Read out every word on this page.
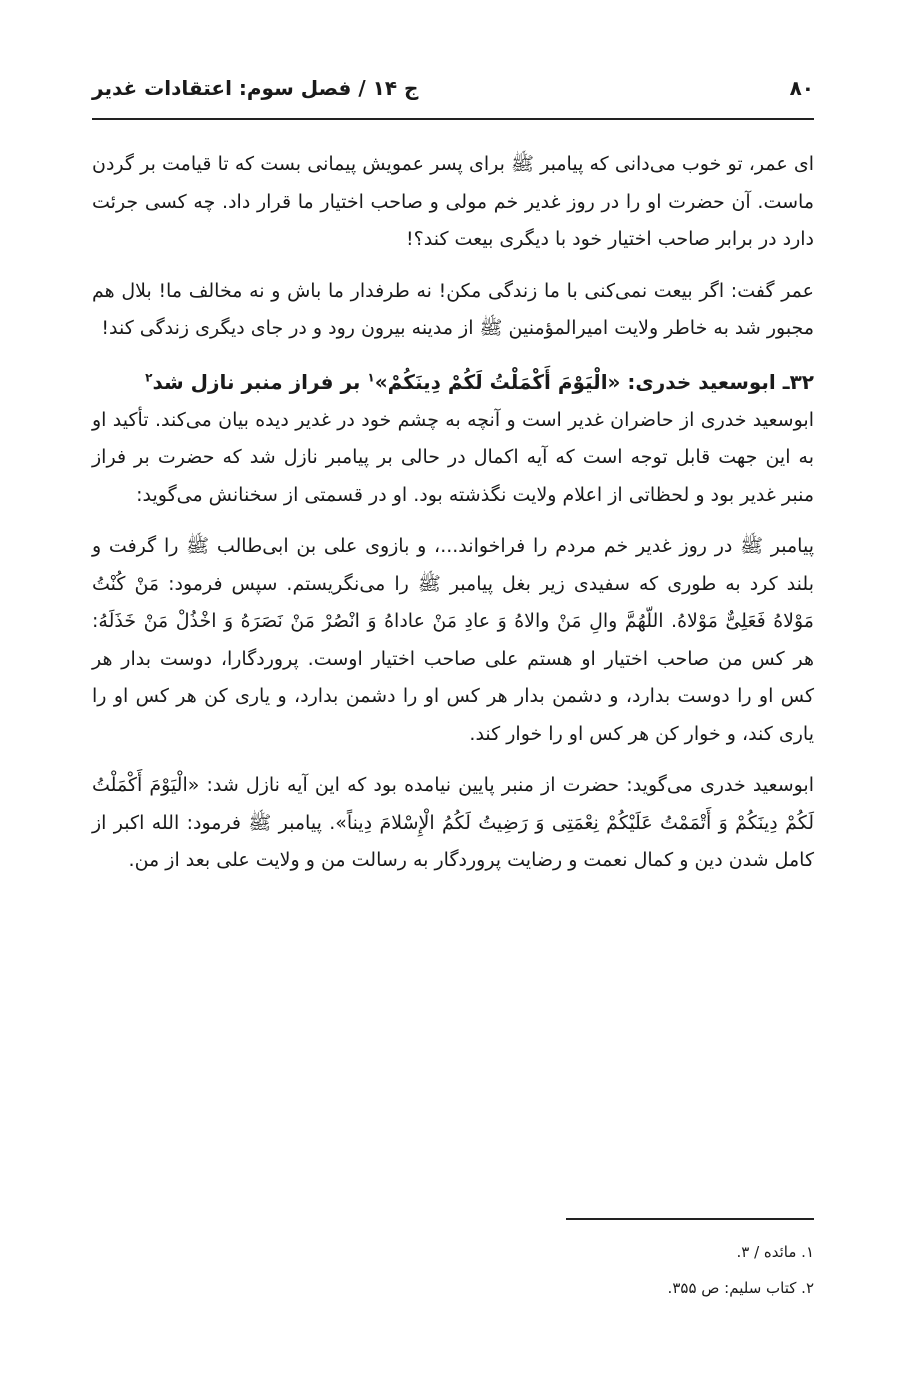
۸۰
ج ۱۴ / فصل سوم: اعتقادات غدیر

ای عمر، تو خوب می‌دانی که پیامبر ﷺ برای پسر عمویش پیمانی بست که تا قیامت بر گردن ماست. آن حضرت او را در روز غدیر خم مولی و صاحب اختیار ما قرار داد. چه کسی جرئت دارد در برابر صاحب اختیار خود با دیگری بیعت کند؟!

عمر گفت: اگر بیعت نمی‌کنی با ما زندگی مکن! نه طرفدار ما باش و نه مخالف ما! بلال هم مجبور شد به خاطر ولایت امیرالمؤمنین ﷺ از مدینه بیرون رود و در جای دیگری زندگی کند!

۳۲ـ ابوسعید خدری: «الْیَوْمَ أَکْمَلْتُ لَکُمْ دِینَکُمْ»$^۱$ بر فراز منبر نازل شد$^۲$

ابوسعید خدری از حاضران غدیر است و آنچه به چشم خود در غدیر دیده بیان می‌کند. تأکید او به این جهت قابل توجه است که آیه اکمال در حالی بر پیامبر نازل شد که حضرت بر فراز منبر غدیر بود و لحظاتی از اعلام ولایت نگذشته بود. او در قسمتی از سخنانش می‌گوید:

پیامبر ﷺ در روز غدیر خم مردم را فراخواند...، و بازوی علی بن ابی‌طالب ﷺ را گرفت و بلند کرد به طوری که سفیدی زیر بغل پیامبر ﷺ را می‌نگریستم. سپس فرمود: مَنْ کُنْتُ مَوْلاهُ فَعَلِیٌّ مَوْلاهُ. اللّهُمَّ والِ مَنْ والاهُ وَ عادِ مَنْ عاداهُ وَ انْصُرْ مَنْ نَصَرَهُ وَ اخْذُلْ مَنْ خَذَلَهُ: هر کس من صاحب اختیار او هستم علی صاحب اختیار اوست. پروردگارا، دوست بدار هر کس او را دوست بدارد، و دشمن بدار هر کس او را دشمن بدارد، و یاری کن هر کس او را یاری کند، و خوار کن هر کس او را خوار کند.

ابوسعید خدری می‌گوید: حضرت از منبر پایین نیامده بود که این آیه نازل شد: «الْیَوْمَ أَکْمَلْتُ لَکُمْ دِینَکُمْ وَ أَتْمَمْتُ عَلَیْکُمْ نِعْمَتِی وَ رَضِیتُ لَکُمُ الْإِسْلامَ دِیناً». پیامبر ﷺ فرمود: الله اکبر از کامل شدن دین و کمال نعمت و رضایت پروردگار به رسالت من و ولایت علی بعد از من.

۱. مائده / ۳.
۲. کتاب سلیم: ص ۳۵۵.
